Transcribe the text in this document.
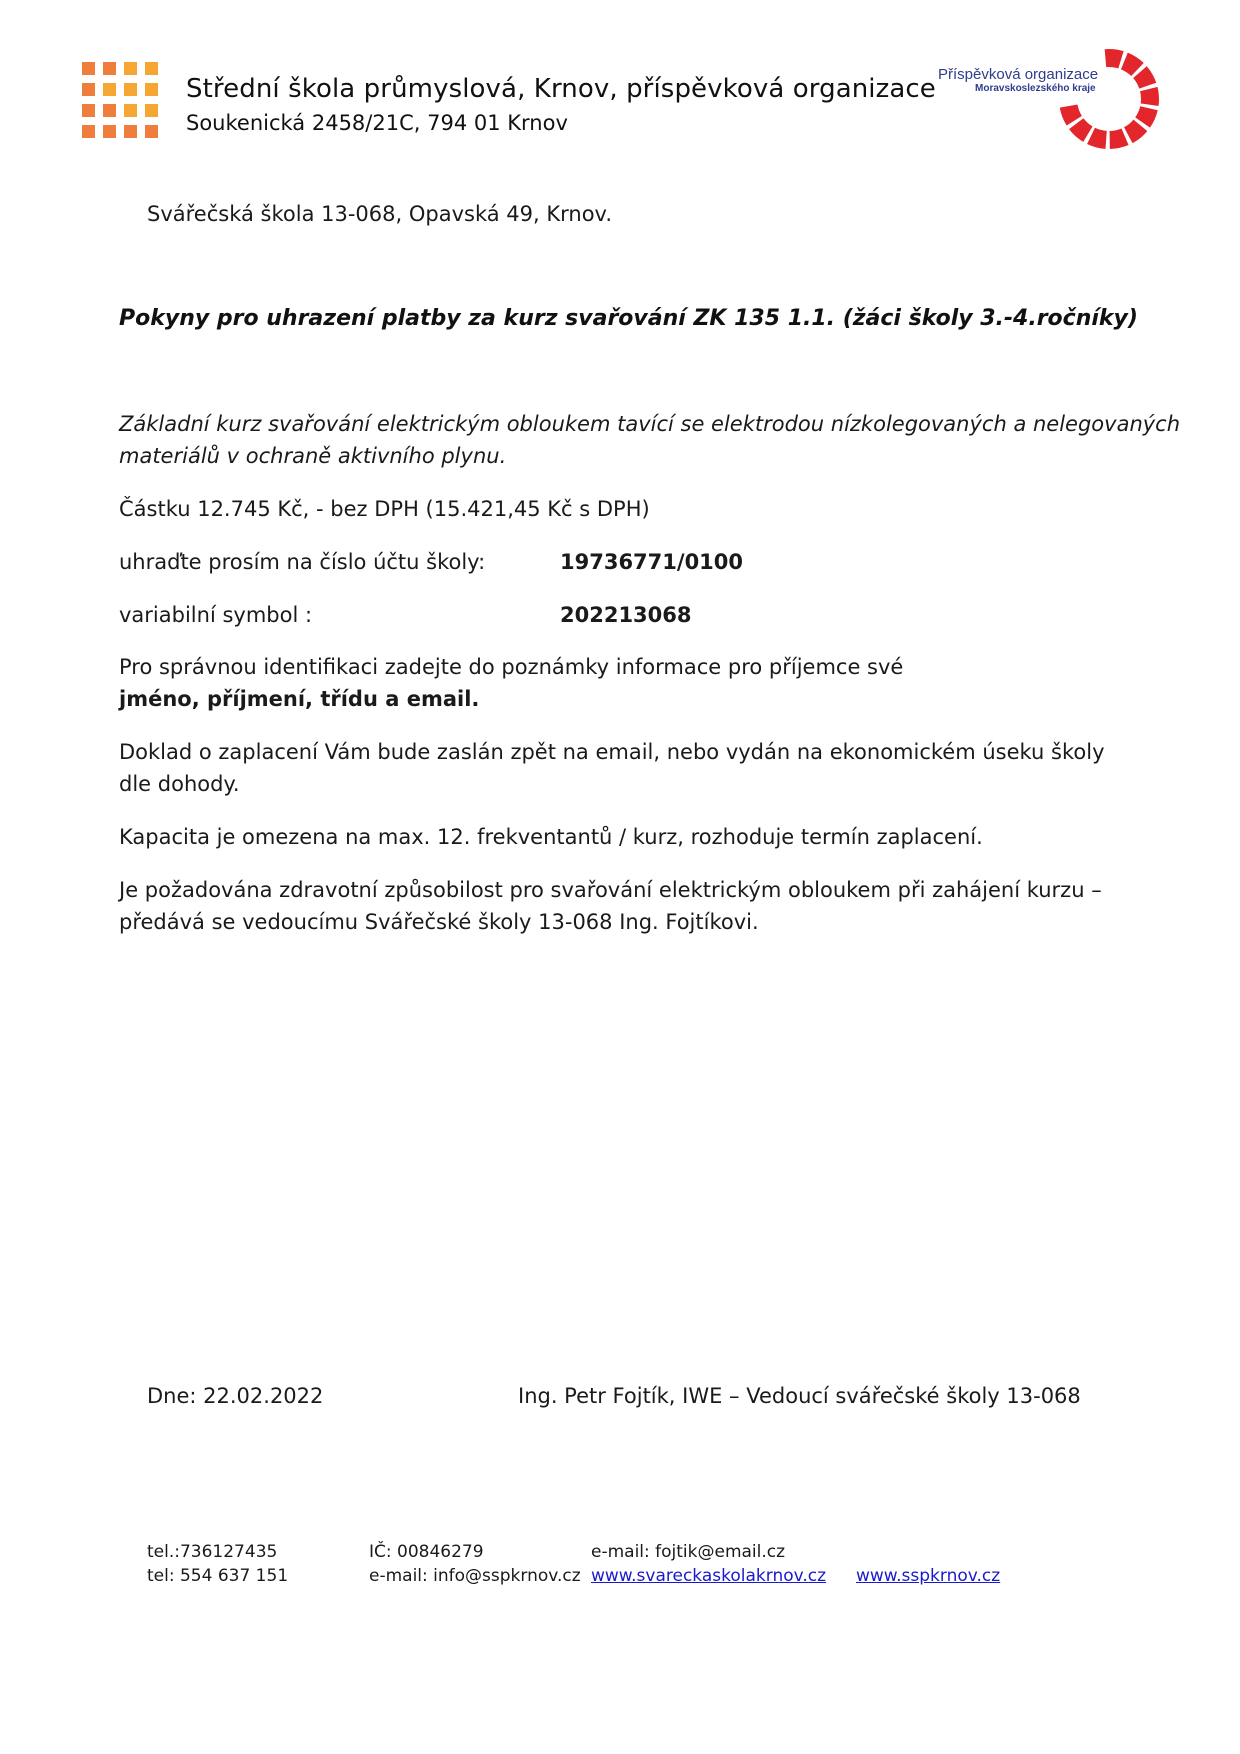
Střední škola průmyslová, Krnov, příspěvková organizace
Soukenická 2458/21C, 794 01 Krnov
Příspěvková organizace
Moravskoslezského kraje
Svářečská škola 13-068, Opavská 49, Krnov.
Pokyny pro uhrazení platby za kurz svařování ZK 135 1.1. (žáci školy 3.-4.ročníky)
Základní kurz svařování elektrickým obloukem tavící se elektrodou nízkolegovaných a nelegovaných
materiálů v ochraně aktivního plynu.
Částku 12.745 Kč, - bez DPH (15.421,45 Kč s DPH)
uhraďte prosím na číslo účtu školy:	19736771/0100
variabilní symbol :	202213068
Pro správnou identifikaci zadejte do poznámky informace pro příjemce své
jméno, příjmení, třídu a email.
Doklad o zaplacení Vám bude zaslán zpět na email, nebo vydán na ekonomickém úseku školy
dle dohody.
Kapacita je omezena na max. 12. frekventantů / kurz, rozhoduje termín zaplacení.
Je požadována zdravotní způsobilost pro svařování elektrickým obloukem při zahájení kurzu –
předává se vedoucímu Svářečské školy 13-068 Ing. Fojtíkovi.
Dne: 22.02.2022	Ing. Petr Fojtík, IWE – Vedoucí svářečské školy 13-068
tel.:736127435
tel: 554 637 151
IČ: 00846279
e-mail: info@sspkrnov.cz
e-mail: fojtik@email.cz
www.svareckaskolakrnov.cz www.sspkrnov.cz
